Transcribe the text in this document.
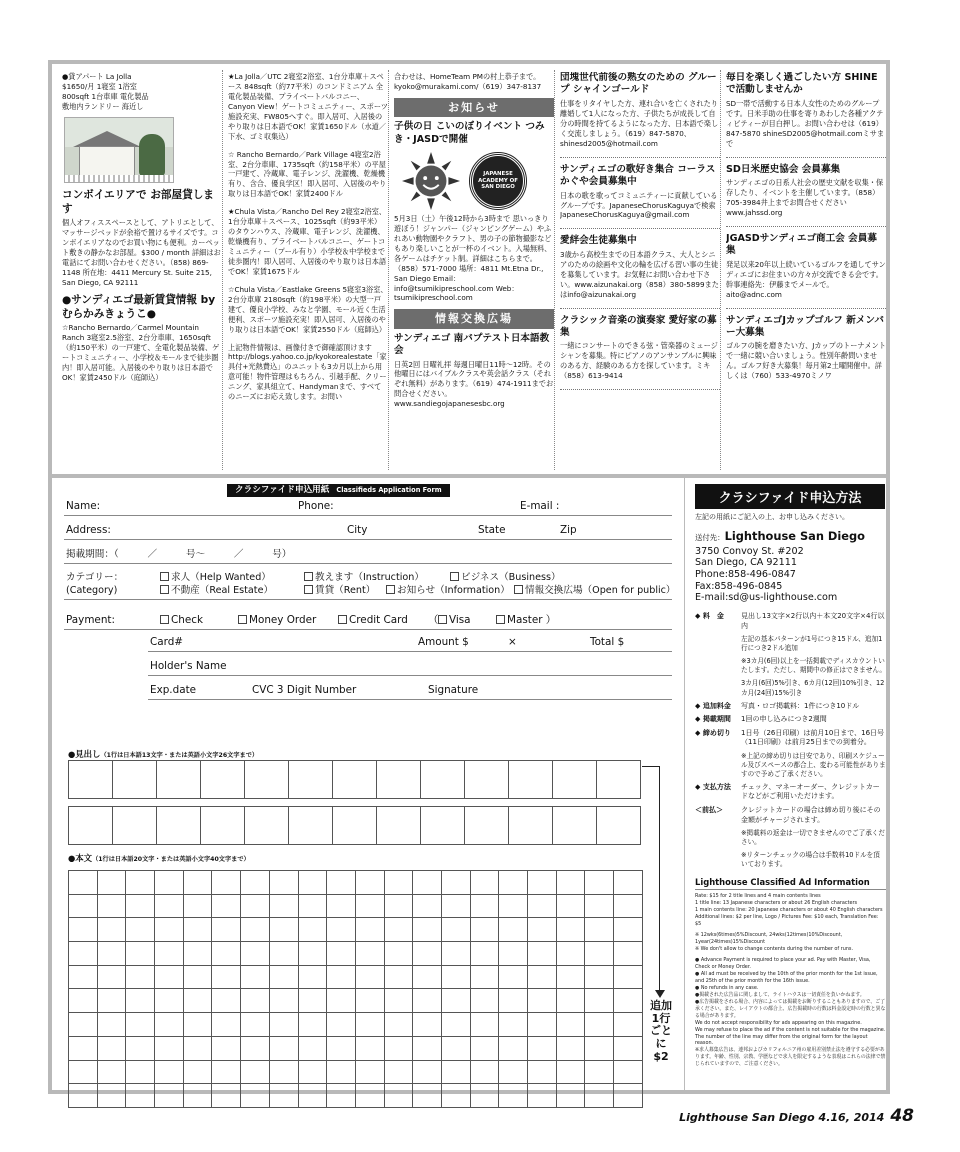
●貸アパート La Jolla
$1650/月 1寝室 1浴室
800sqft 1台車庫 電化製品
敷地内ランドリー 海近し
コンボイエリアで お部屋貸します
個人オフィススペースとして、アトリエとして、マッサージベッドが余裕で置けるサイズです。コンボイエリアなのでお買い物にも便利。カーペット敷きの静かなお部屋。$300 / month 詳細はお電話にてお問い合わせください。（858) 869-1148 所在地：4411 Mercury St. Suite 215, San Diego, CA 92111
●サンディエゴ最新賃貸情報 by むらかみきょうこ●
☆Rancho Bernardo／Carmel Mountain Ranch 3寝室2.5浴室、2台分車庫、1650sqft（約150平米）の一戸建て、全電化製品装備、ゲートコミュニティー、小学校＆モールまで徒歩圏内！即入居可能。入居後のやり取りは日本語でOK！家賃2450ドル（庭師込）
★La Jolla／UTC 2寝室2浴室、1台分車庫＋スペース 848sqft（約77平米）のコンドミニアム 全電化製品装備、プライベートバルコニー、Canyon View！ゲートコミュニティー、スポーツ施設充実、FW805へすぐ。即入居可、入居後のやり取りは日本語でOK！家賃1650ドル（水道／下水、ゴミ収集込）
☆ Rancho Bernardo／Park Village 4寝室2浴室、2台分車庫、1735sqft（約158平米）の平屋一戸建て、冷蔵庫、電子レンジ、洗濯機、乾燥機有り、含合、優良学区！即入居可、入居後のやり取りは日本語でOK！家賃2400ドル
★Chula Vista／Rancho Del Rey 2寝室2浴室、1台分車庫＋スペース、1025sqft（約93平米）のタウンハウス、冷蔵庫、電子レンジ、洗濯機、乾燥機有り、プライベートバルコニー、ゲートコミュニティー（プール有り）小学校＆中学校まで徒歩圏内！即入居可、入居後のやり取りは日本語でOK！家賃1675ドル
☆Chula Vista／Eastlake Greens 5寝室3浴室、2台分車庫 2180sqft（約198平米）の大型一戸建て、優良小学校、みなと学園、モール近く生活便利、スポーツ施設充実！即入居可、入居後のやり取りは日本語でOK！家賃2550ドル（庭師込）
上記物件情報は、画像付きで御確認頂けます http://blogs.yahoo.co.jp/kyokorealestate「家具付+光熱費込」のユニットも3カ月以上から用意可能！物件管理はもちろん、引越手配、クリーニング、家具組立て、Handymanまで、すべてのニーズにお応え致します。お問い
合わせは、HomeTeam PMの村上恭子まで。kyoko@murakami.com/（619）347-8137
お知らせ
子供の日 こいのぼりイベント つみき・JASDで開催
JAPANESE ACADEMY OF SAN DIEGO
5月3日（土）午後12時から3時まで 思いっきり遊ぼう！ジャンパー（ジャンピングゲーム）やふれあい動物園やクラフト、男の子の節物撮影などもあり楽しいことが一杯のイベント。入場無料、各ゲームはチケット制。詳細はこちらまで。（858）571-7000 場所：4811 Mt.Etna Dr., San Diego Email：info@tsumikipreschool.com Web：tsumikipreschool.com
情報交換広場
サンディエゴ 南バプテスト日本語教会
日英2回 日曜礼拝 毎週日曜日11時〜12時。その他曜日にはバイブルクラスや英会話クラス（それぞれ無料）があります。（619）474-1911までお問合せください。www.sandiegojapanesesbc.org
団塊世代前後の熟女のための グループ シャインゴールド
仕事をリタイヤした方、連れ合いを亡くされたり離婚して1人になった方、子供たちが成長して自分の時間を持てるようになった方、日本語で楽しく交流しましょう。（619）847-5870、shinesd2005@hotmail.com
サンディエゴの歌好き集合 コーラスかぐや会員募集中
日本の歌を歌ってコミュニティーに貢献しているグループです。JapaneseChorusKaguyaで検索 JapaneseChorusKaguya@gmail.com
愛絆会生徒募集中
3歳から高校生までの日本語クラス、大人とシニアのための絵画や文化の輪を広げる習い事の生徒を募集しています。お気軽にお問い合わせ下さい。www.aizunakai.org（858）380-5899またはinfo@aizunakai.org
クラシック音楽の演奏家 愛好家の募集
一緒にコンサートのできる弦・管楽器のミュージシャンを募集。特にピアノのアンサンブルに興味のある方、経験のある方を探しています。ミキ（858）613-9414
毎日を楽しく過ごしたい方 SHINEで活動しませんか
SD一帯で活動する日本人女性のためのグループです。日米手助の仕事を寄りあわした各種アクティビティーが目白押し。お問い合わせは（619）847-5870 shineSD2005@hotmail.comミサまで
SD日米歴史協会 会員募集
サンディエゴの日系人社会の歴史文献を収集・保存したり、イベントを主催しています。（858）705-3984井上までお問合せください www.jahssd.org
JGASDサンディエゴ商工会 会員募集
発足以来20年以上続いているゴルフを通してサンディエゴにお住まいの方々が交流できる会です。幹事連絡先：伊藤までメールで。aito@adnc.com
サンディエゴJカップゴルフ 新メンバー大募集
ゴルフの腕を磨きたい方、Jカップのトーナメントで一緒に競い合いましょう。性別年齢問いません。ゴルフ好き大募集！毎月第2土曜開催中。詳しくは（760）533-4970ミノワ
クラシファイド申込用紙 Classifieds Application Form
Name:	Phone:	E-mail :
Address:	City	State	Zip
掲載期間：（　　　／　　　号〜　　　／　　　号）
カテゴリー：
(Category)
求人（Help Wanted）	教えます（Instruction）	ビジネス（Business）
不動産（Real Estate）	賃貸（Rent）	お知らせ（Information）	情報交換広場（Open for public）
Payment:	Check	Money Order	Credit Card （	Visa	Master ）
Card#	Amount $	×	Total $
Holder's Name
Exp.date	CVC 3 Digit Number	Signature
●見出し（1行は日本語13文字・または英語小文字26文字まで）
●本文（1行は日本語20文字・または英語小文字40文字まで）
追加1行ごとに$2
クラシファイド申込方法
左記の用紙にご記入の上、お申し込みください。
送付先：Lighthouse San Diego
3750 Convoy St. #202
San Diego, CA 92111
Phone:858-496-0847
Fax:858-496-0845
E-mail:sd@us-lighthouse.com
◆ 料　金	見出し13文字×2行以内＋本文20文字×4行以内
左記の基本パターンが1号につき15ドル、追加1行につき2ドル追加
※3カ月(6回)以上を一括掲載でディスカウントいたします。ただし、期間中の修正はできません。
3カ月(6回)5%引き、6カ月(12回)10%引き、12カ月(24回)15%引き
◆ 追加料金	写真・ロゴ掲載料：1件につき10ドル
◆ 掲載期間	1回の申し込みにつき2週間
◆ 締め切り	1日号（26日印刷）は前月10日まで、16日号（11日印刷）は前月25日までの到着分。
※上記の締め切りは目安であり、印刷スケジュール及びスペースの都合上、変わる可能性がありますので予めご了承ください。
◆ 支払方法	チェック、マネーオーダー、クレジットカードなどがご利用いただけます。
＜前払＞	クレジットカードの場合は締め切り後にその金額がチャージされます。
※掲載料の返金は一切できませんのでご了承ください。
※リターンチェックの場合は手数料10ドルを頂いております。
Lighthouse Classified Ad Information
Rate: $15 for 2 title lines and 4 main contents lines
1 title line: 13 Japanese characters or about 26 English characters
1 main contents line: 20 Japanese characters or about 40 English characters
Additional lines: $2 per line, Logo / Pictures Fee: $10 each, Translation Fee: $5
※ 12wks(6times)5%Discount, 24wks(12times)10%Discount, 1year(24times)15%Discount
※ We don't allow to change contents during the number of runs.
● Advance Payment is required to place your ad. Pay with Master, Visa, Check or Money Order.
● All ad must be received by the 10th of the prior month for the 1st issue, and 25th of the prior month for the 16th issue.
● No refunds in any case.
●掲載された広告品に関しまして、ライトハウスは一切責任を負いかねます。
●広告掲載をされる場合、内容によっては掲載をお断りすることもありますので、ご了承ください。また、レイアウトの都合上、広告掲載時の行数は料金設定時の行数と異なる場合があります。
We do not accept responsibility for ads appearing on this magazine.
We may refuse to place the ad if the content is not suitable for the magazine. The number of the line may differ from the original form for the layout reason.
※求人募集広告は、連邦およびカリフォルニア州の雇用差別禁止法を遵守する必要があります。年齢、性別、宗教、学歴などで求人を限定するような表現はこれらの法律で禁じられていますので、ご注意ください。
Lighthouse San Diego 4.16, 2014 48
